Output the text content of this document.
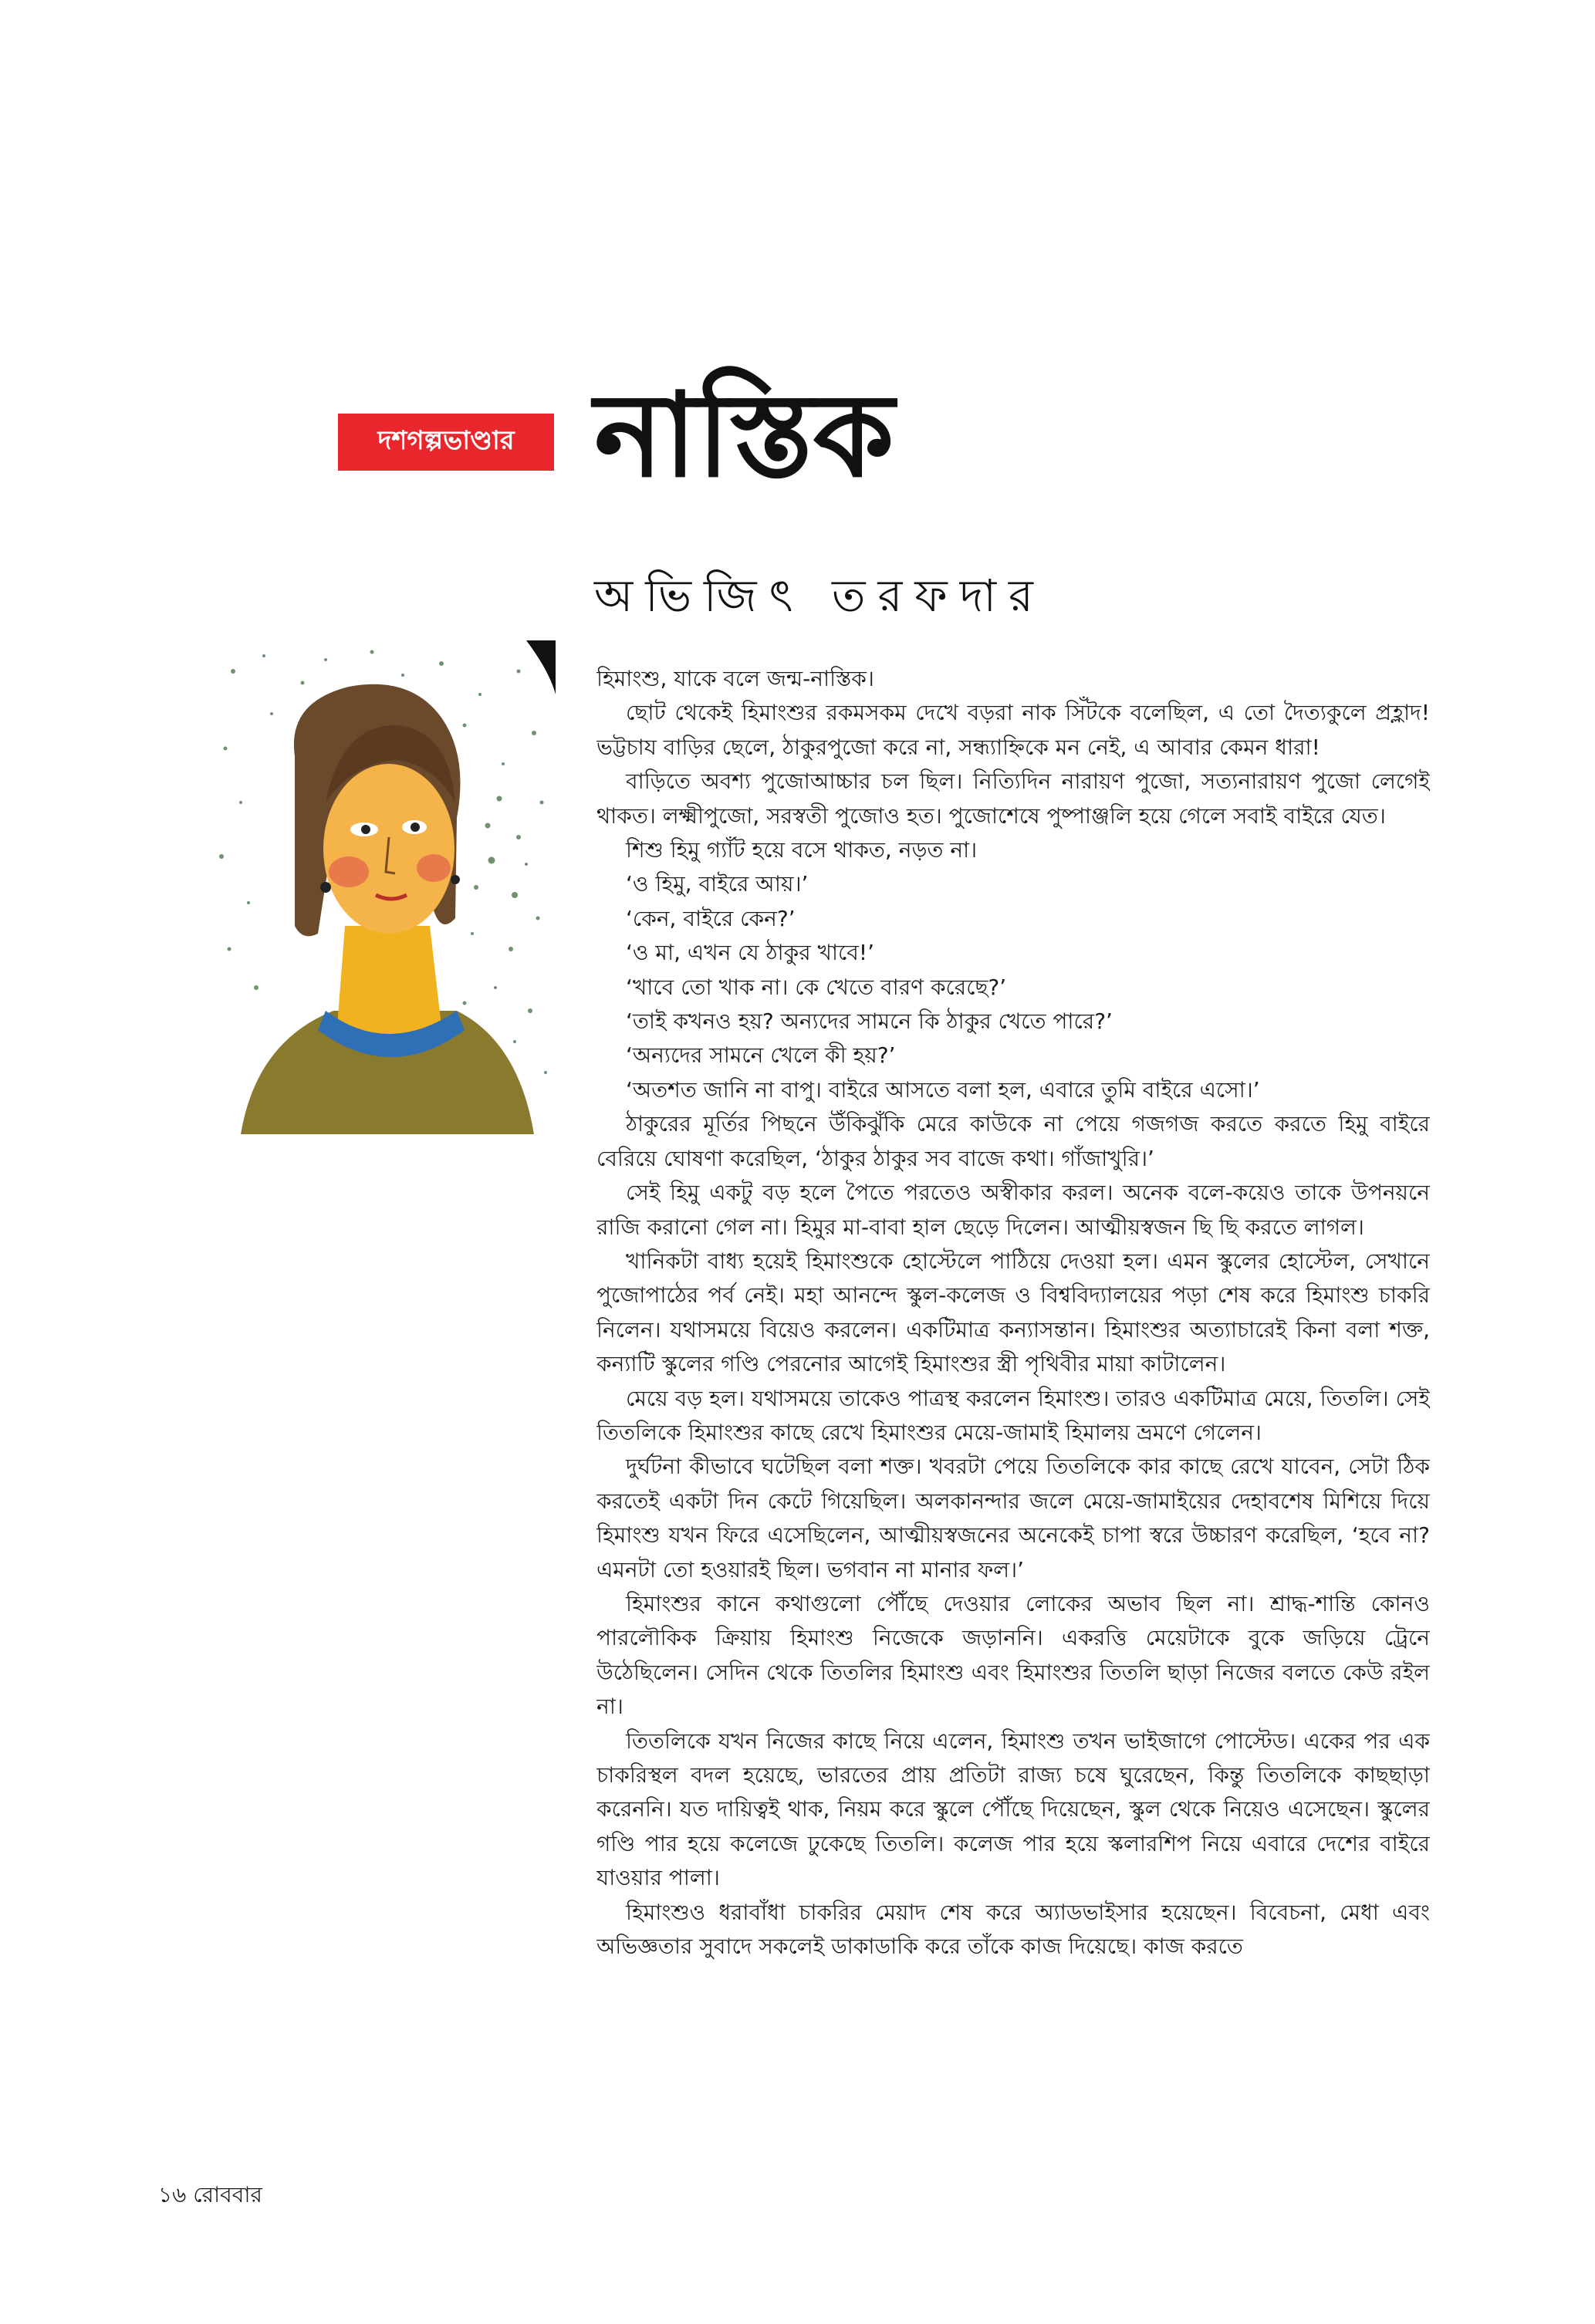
দশগল্পভাণ্ডার নাস্তিক
অভিজিৎ তরফদার

হিমাংশু, যাকে বলে জন্ম-নাস্তিক।

ছোট থেকেই হিমাংশুর রকমসকম দেখে বড়রা নাক সিঁটকে বলেছিল, এ তো দৈত্যকুলে প্রহ্লাদ! ভট্টচায বাড়ির ছেলে, ঠাকুরপুজো করে না, সন্ধ্যাহ্নিকে মন নেই, এ আবার কেমন ধারা!

বাড়িতে অবশ্য পুজোআচ্চার চল ছিল। নিত্যিদিন নারায়ণ পুজো, সত্যনারায়ণ পুজো লেগেই থাকত। লক্ষ্মীপুজো, সরস্বতী পুজোও হত। পুজোশেষে পুষ্পাঞ্জলি হয়ে গেলে সবাই বাইরে যেত।

শিশু হিমু গ্যাঁট হয়ে বসে থাকত, নড়ত না।

‘ও হিমু, বাইরে আয়।’

‘কেন, বাইরে কেন?’

‘ও মা, এখন যে ঠাকুর খাবে!’

‘খাবে তো খাক না। কে খেতে বারণ করেছে?’

‘তাই কখনও হয়? অন্যদের সামনে কি ঠাকুর খেতে পারে?’

‘অন্যদের সামনে খেলে কী হয়?’

‘অতশত জানি না বাপু। বাইরে আসতে বলা হল, এবারে তুমি বাইরে এসো।’

ঠাকুরের মূর্তির পিছনে উঁকিঝুঁকি মেরে কাউকে না পেয়ে গজগজ করতে করতে হিমু বাইরে বেরিয়ে ঘোষণা করেছিল, ‘ঠাকুর ঠাকুর সব বাজে কথা। গাঁজাখুরি।’

সেই হিমু একটু বড় হলে পৈতে পরতেও অস্বীকার করল। অনেক বলে-কয়েও তাকে উপনয়নে রাজি করানো গেল না। হিমুর মা-বাবা হাল ছেড়ে দিলেন। আত্মীয়স্বজন ছি ছি করতে লাগল।

খানিকটা বাধ্য হয়েই হিমাংশুকে হোস্টেলে পাঠিয়ে দেওয়া হল। এমন স্কুলের হোস্টেল, সেখানে পুজোপাঠের পর্ব নেই। মহা আনন্দে স্কুল-কলেজ ও বিশ্ববিদ্যালয়ের পড়া শেষ করে হিমাংশু চাকরি নিলেন। যথাসময়ে বিয়েও করলেন। একটিমাত্র কন্যাসন্তান। হিমাংশুর অত্যাচারেই কিনা বলা শক্ত, কন্যাটি স্কুলের গণ্ডি পেরনোর আগেই হিমাংশুর স্ত্রী পৃথিবীর মায়া কাটালেন।

মেয়ে বড় হল। যথাসময়ে তাকেও পাত্রস্থ করলেন হিমাংশু। তারও একটিমাত্র মেয়ে, তিতলি। সেই তিতলিকে হিমাংশুর কাছে রেখে হিমাংশুর মেয়ে-জামাই হিমালয় ভ্রমণে গেলেন।

দুর্ঘটনা কীভাবে ঘটেছিল বলা শক্ত। খবরটা পেয়ে তিতলিকে কার কাছে রেখে যাবেন, সেটা ঠিক করতেই একটা দিন কেটে গিয়েছিল। অলকানন্দার জলে মেয়ে-জামাইয়ের দেহাবশেষ মিশিয়ে দিয়ে হিমাংশু যখন ফিরে এসেছিলেন, আত্মীয়স্বজনের অনেকেই চাপা স্বরে উচ্চারণ করেছিল, ‘হবে না? এমনটা তো হওয়ারই ছিল। ভগবান না মানার ফল।’

হিমাংশুর কানে কথাগুলো পৌঁছে দেওয়ার লোকের অভাব ছিল না। শ্রাদ্ধ-শান্তি কোনও পারলৌকিক ক্রিয়ায় হিমাংশু নিজেকে জড়াননি। একরত্তি মেয়েটাকে বুকে জড়িয়ে ট্রেনে উঠেছিলেন। সেদিন থেকে তিতলির হিমাংশু এবং হিমাংশুর তিতলি ছাড়া নিজের বলতে কেউ রইল না।

তিতলিকে যখন নিজের কাছে নিয়ে এলেন, হিমাংশু তখন ভাইজাগে পোস্টেড। একের পর এক চাকরিস্থল বদল হয়েছে, ভারতের প্রায় প্রতিটা রাজ্য চষে ঘুরেছেন, কিন্তু তিতলিকে কাছছাড়া করেননি। যত দায়িত্বই থাক, নিয়ম করে স্কুলে পৌঁছে দিয়েছেন, স্কুল থেকে নিয়েও এসেছেন। স্কুলের গণ্ডি পার হয়ে কলেজে ঢুকেছে তিতলি। কলেজ পার হয়ে স্কলারশিপ নিয়ে এবারে দেশের বাইরে যাওয়ার পালা।

হিমাংশুও ধরাবাঁধা চাকরির মেয়াদ শেষ করে অ্যাডভাইসার হয়েছেন। বিবেচনা, মেধা এবং অভিজ্ঞতার সুবাদে সকলেই ডাকাডাকি করে তাঁকে কাজ দিয়েছে। কাজ করতে

১৬ রোববার
